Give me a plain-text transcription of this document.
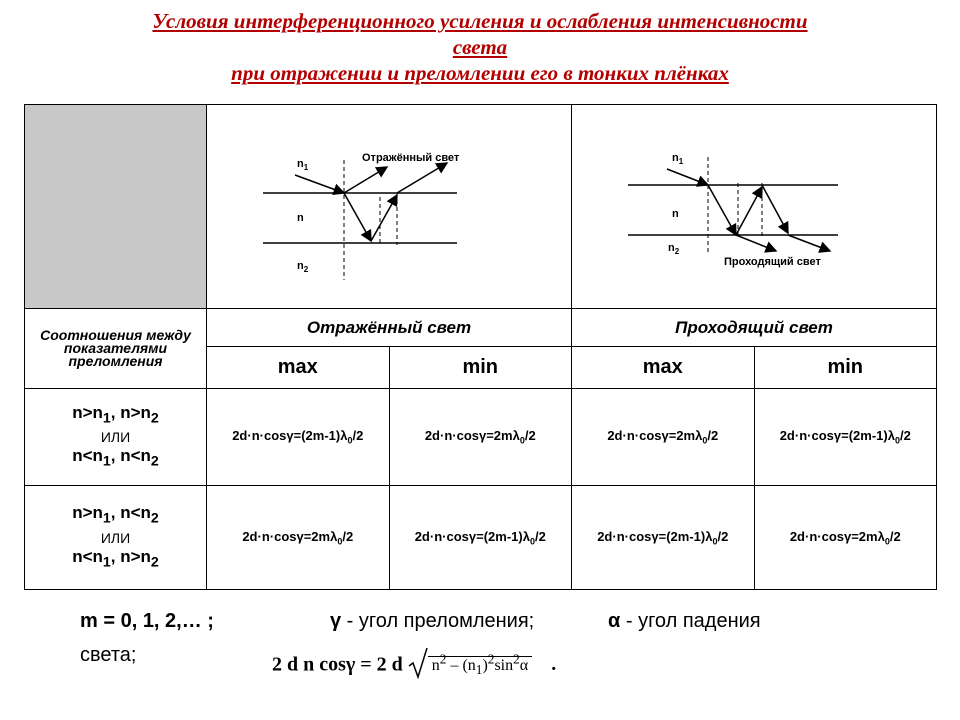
Условия интерференционного усиления и ослабления интенсивности
света
при отражении и преломлении его в тонких плёнках

$n_1$
n
$n_2$
Отражённый свет		$n_1$
n
$n_2$
Проходящий свет	

Соотношения между показателями преломления	Отражённый свет		Проходящий свет	
	max	min	max	min

$n>n_1$, $n>n_2$
ИЛИ
$n<n_1$, $n<n_2$	$2d\cdot n\cdot\cos\gamma=(2m-1)\lambda_0/2$	$2d\cdot n\cdot\cos\gamma=2m\lambda_0/2$	$2d\cdot n\cdot\cos\gamma=2m\lambda_0/2$	$2d\cdot n\cdot\cos\gamma=(2m-1)\lambda_0/2$

$n>n_1$, $n<n_2$
ИЛИ
$n<n_1$, $n>n_2$	$2d\cdot n\cdot\cos\gamma=2m\lambda_0/2$	$2d\cdot n\cdot\cos\gamma=(2m-1)\lambda_0/2$	$2d\cdot n\cdot\cos\gamma=(2m-1)\lambda_0/2$	$2d\cdot n\cdot\cos\gamma=2m\lambda_0/2$
m = 0, 1, 2,… ;	γ - угол преломления;	α - угол падения
света;	2 d n cosγ = 2 d $n^2 - (n_1)^2\sin^2\alpha$ .
